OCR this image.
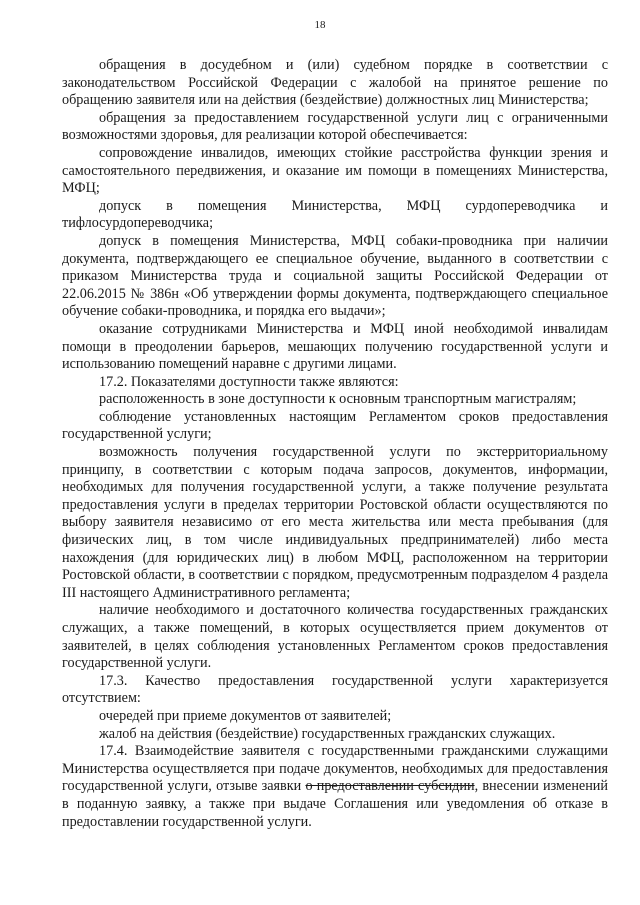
18

обращения в досудебном и (или) судебном порядке в соответствии с законодательством Российской Федерации с жалобой на принятое решение по обращению заявителя или на действия (бездействие) должностных лиц Министерства;

обращения за предоставлением государственной услуги лиц с ограниченными возможностями здоровья, для реализации которой обеспечивается:

сопровождение инвалидов, имеющих стойкие расстройства функции зрения и самостоятельного передвижения, и оказание им помощи в помещениях Министерства, МФЦ;

допуск в помещения Министерства, МФЦ сурдопереводчика и тифлосурдопереводчика;

допуск в помещения Министерства, МФЦ собаки-проводника при наличии документа, подтверждающего ее специальное обучение, выданного в соответствии с приказом Министерства труда и социальной защиты Российской Федерации от 22.06.2015 № 386н «Об утверждении формы документа, подтверждающего специальное обучение собаки-проводника, и порядка его выдачи»;

оказание сотрудниками Министерства и МФЦ иной необходимой инвалидам помощи в преодолении барьеров, мешающих получению государственной услуги и использованию помещений наравне с другими лицами.

17.2. Показателями доступности также являются:

расположенность в зоне доступности к основным транспортным магистралям;

соблюдение установленных настоящим Регламентом сроков предоставления государственной услуги;

возможность получения государственной услуги по экстерриториальному принципу, в соответствии с которым подача запросов, документов, информации, необходимых для получения государственной услуги, а также получение результата предоставления услуги в пределах территории Ростовской области осуществляются по выбору заявителя независимо от его места жительства или места пребывания (для физических лиц, в том числе индивидуальных предпринимателей) либо места нахождения (для юридических лиц) в любом МФЦ, расположенном на территории Ростовской области, в соответствии с порядком, предусмотренным подразделом 4 раздела III настоящего Административного регламента;

наличие необходимого и достаточного количества государственных гражданских служащих, а также помещений, в которых осуществляется прием документов от заявителей, в целях соблюдения установленных Регламентом сроков предоставления государственной услуги.

17.3. Качество предоставления государственной услуги характеризуется отсутствием:

очередей при приеме документов от заявителей;

жалоб на действия (бездействие) государственных гражданских служащих.

17.4. Взаимодействие заявителя с государственными гражданскими служащими Министерства осуществляется при подаче документов, необходимых для предоставления государственной услуги, отзыве заявки о предоставлении субсидии, внесении изменений в поданную заявку, а также при выдаче Соглашения или уведомления об отказе в предоставлении государственной услуги.
